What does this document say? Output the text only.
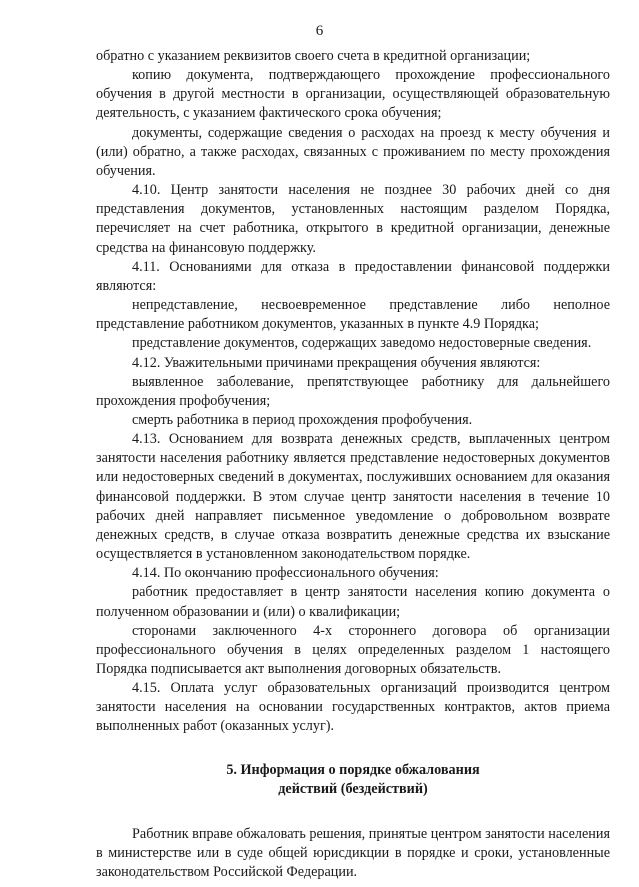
6

обратно с указанием реквизитов своего счета в кредитной организации;

копию документа, подтверждающего прохождение профессионального обучения в другой местности в организации, осуществляющей образовательную деятельность, с указанием фактического срока обучения;

документы, содержащие сведения о расходах на проезд к месту обучения и (или) обратно, а также расходах, связанных с проживанием по месту прохождения обучения.

4.10. Центр занятости населения не позднее 30 рабочих дней со дня представления документов, установленных настоящим разделом Порядка, перечисляет на счет работника, открытого в кредитной организации, денежные средства на финансовую поддержку.

4.11. Основаниями для отказа в предоставлении финансовой поддержки являются:

непредставление, несвоевременное представление либо неполное представление работником документов, указанных в пункте 4.9 Порядка;

представление документов, содержащих заведомо недостоверные сведения.

4.12. Уважительными причинами прекращения обучения являются:

выявленное заболевание, препятствующее работнику для дальнейшего прохождения профобучения;

смерть работника в период прохождения профобучения.

4.13. Основанием для возврата денежных средств, выплаченных центром занятости населения работнику является представление недостоверных документов или недостоверных сведений в документах, послуживших основанием для оказания финансовой поддержки. В этом случае центр занятости населения в течение 10 рабочих дней направляет письменное уведомление о добровольном возврате денежных средств, в случае отказа возвратить денежные средства их взыскание осуществляется в установленном законодательством порядке.

4.14. По окончанию профессионального обучения:

работник предоставляет в центр занятости населения копию документа о полученном образовании и (или) о квалификации;

сторонами заключенного 4-х стороннего договора об организации профессионального обучения в целях определенных разделом 1 настоящего Порядка подписывается акт выполнения договорных обязательств.

4.15. Оплата услуг образовательных организаций производится центром занятости населения на основании государственных контрактов, актов приема выполненных работ (оказанных услуг).

5. Информация о порядке обжалования
действий (бездействий)

Работник вправе обжаловать решения, принятые центром занятости населения в министерстве или в суде общей юрисдикции в порядке и сроки, установленные законодательством Российской Федерации.
